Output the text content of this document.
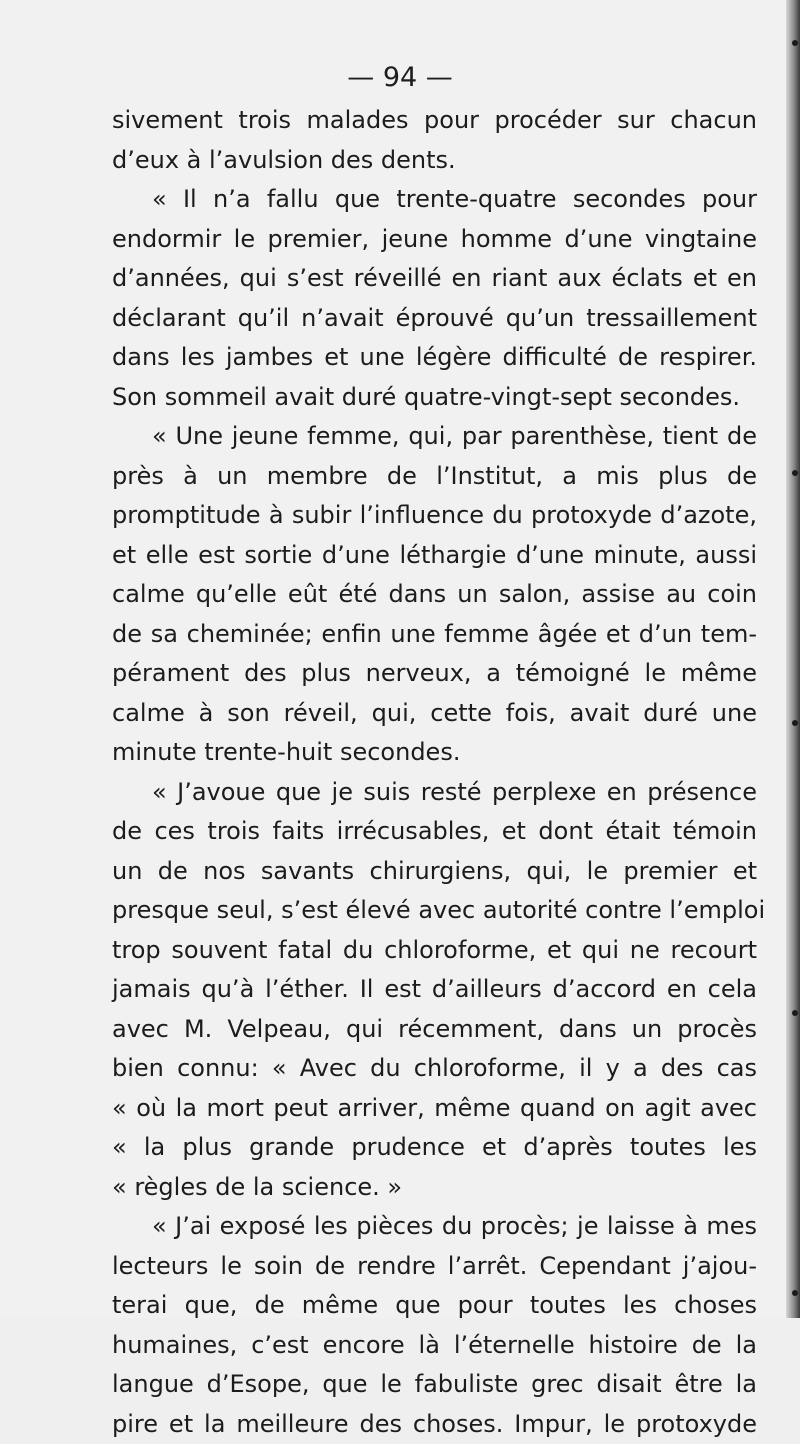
— 94 —
sivement trois malades pour procéder sur chacun
d’eux à l’avulsion des dents.
« Il n’a fallu que trente-quatre secondes pour
endormir le premier, jeune homme d’une vingtaine
d’années, qui s’est réveillé en riant aux éclats et en
déclarant qu’il n’avait éprouvé qu’un tressaillement
dans les jambes et une légère difficulté de respirer.
Son sommeil avait duré quatre-vingt-sept secondes.
« Une jeune femme, qui, par parenthèse, tient de
près à un membre de l’Institut, a mis plus de
promptitude à subir l’influence du protoxyde d’azote,
et elle est sortie d’une léthargie d’une minute, aussi
calme qu’elle eût été dans un salon, assise au coin
de sa cheminée; enfin une femme âgée et d’un tem-
pérament des plus nerveux, a témoigné le même
calme à son réveil, qui, cette fois, avait duré une
minute trente-huit secondes.
« J’avoue que je suis resté perplexe en présence
de ces trois faits irrécusables, et dont était témoin
un de nos savants chirurgiens, qui, le premier et
presque seul, s’est élevé avec autorité contre l’emploi
trop souvent fatal du chloroforme, et qui ne recourt
jamais qu’à l’éther. Il est d’ailleurs d’accord en cela
avec M. Velpeau, qui récemment, dans un procès
bien connu: « Avec du chloroforme, il y a des cas
« où la mort peut arriver, même quand on agit avec
« la plus grande prudence et d’après toutes les
« règles de la science. »
« J’ai exposé les pièces du procès; je laisse à mes
lecteurs le soin de rendre l’arrêt. Cependant j’ajou-
terai que, de même que pour toutes les choses
humaines, c’est encore là l’éternelle histoire de la
langue d’Esope, que le fabuliste grec disait être la
pire et la meilleure des choses. Impur, le protoxyde
